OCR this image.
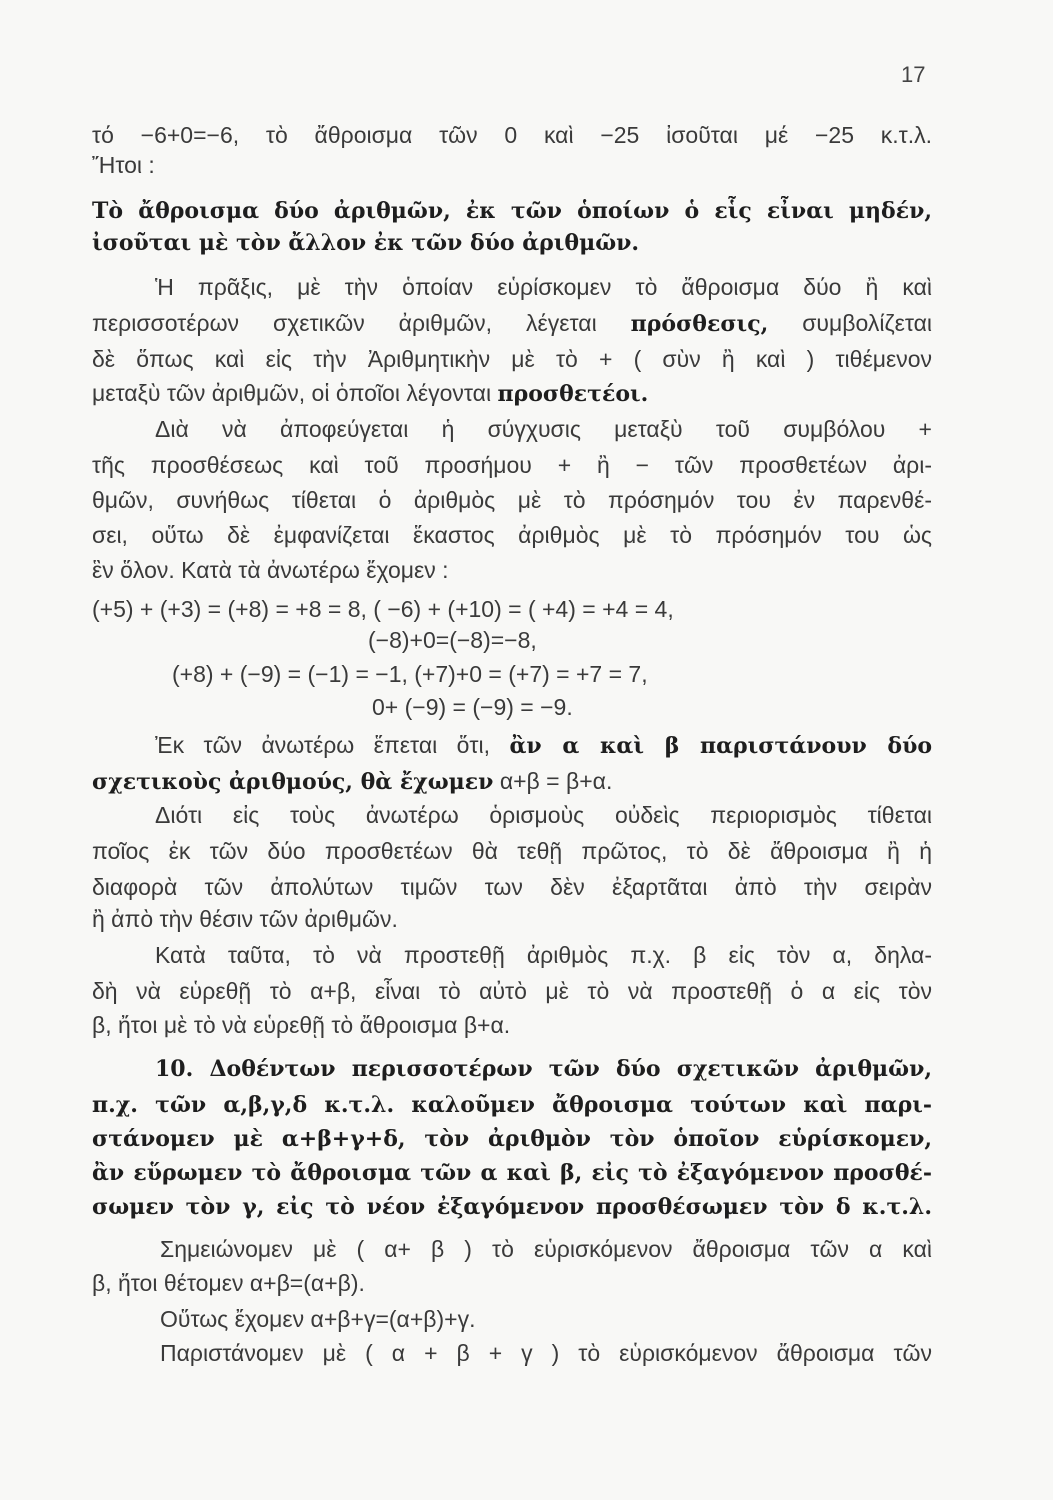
17
τό −6+0=−6, τὸ ἄθροισμα τῶν 0 καὶ −25 ἰσοῦται μέ −25 κ.τ.λ.
Ἤτοι :
Τὸ ἄθροισμα δύο ἀριθμῶν, ἐκ τῶν ὁποίων ὁ εἷς εἶναι μηδέν,
ἰσοῦται μὲ τὸν ἄλλον ἐκ τῶν δύο ἀριθμῶν.
Ἡ πρᾶξις, μὲ τὴν ὁποίαν εὑρίσκομεν τὸ ἄθροισμα δύο ἢ καὶ
περισσοτέρων σχετικῶν ἀριθμῶν, λέγεται πρόσθεσις, συμβολίζεται
δὲ ὅπως καὶ εἰς τὴν Ἀριθμητικὴν μὲ τὸ + ( σὺν ἢ καὶ ) τιθέμενον
μεταξὺ τῶν ἀριθμῶν, οἱ ὁποῖοι λέγονται προσθετέοι.
Διὰ νὰ ἀποφεύγεται ἡ σύγχυσις μεταξὺ τοῦ συμβόλου +
τῆς προσθέσεως καὶ τοῦ προσήμου + ἢ − τῶν προσθετέων ἀρι-
θμῶν, συνήθως τίθεται ὁ ἀριθμὸς μὲ τὸ πρόσημόν του ἐν παρενθέ-
σει, οὕτω δὲ ἐμφανίζεται ἕκαστος ἀριθμὸς μὲ τὸ πρόσημόν του ὡς
ἓν ὅλον. Κατὰ τὰ ἀνωτέρω ἔχομεν :
(+5) + (+3) = (+8) = +8 = 8, ( −6) + (+10) = ( +4) = +4 = 4,
(−8)+0=(−8)=−8,
(+8) + (−9) = (−1) = −1, (+7)+0 = (+7) = +7 = 7,
0+ (−9) = (−9) = −9.
Ἐκ τῶν ἀνωτέρω ἕπεται ὅτι, ἂν α καὶ β παριστάνουν δύο
σχετικοὺς ἀριθμούς, θὰ ἔχωμεν α+β = β+α.
Διότι εἰς τοὺς ἀνωτέρω ὁρισμοὺς οὐδεὶς περιορισμὸς τίθεται
ποῖος ἐκ τῶν δύο προσθετέων θὰ τεθῇ πρῶτος, τὸ δὲ ἄθροισμα ἢ ἡ
διαφορὰ τῶν ἀπολύτων τιμῶν των δὲν ἐξαρτᾶται ἀπὸ τὴν σειρὰν
ἢ ἀπὸ τὴν θέσιν τῶν ἀριθμῶν.
Κατὰ ταῦτα, τὸ νὰ προστεθῇ ἀριθμὸς π.χ. β εἰς τὸν α, δηλα-
δὴ νὰ εὑρεθῇ τὸ α+β, εἶναι τὸ αὐτὸ μὲ τὸ νὰ προστεθῇ ὁ α εἰς τὸν
β, ἤτοι μὲ τὸ νὰ εὑρεθῇ τὸ ἄθροισμα β+α.
10. Δοθέντων περισσοτέρων τῶν δύο σχετικῶν ἀριθμῶν,
π.χ. τῶν α,β,γ,δ κ.τ.λ. καλοῦμεν ἄθροισμα τούτων καὶ παρι-
στάνομεν μὲ α+β+γ+δ, τὸν ἀριθμὸν τὸν ὁποῖον εὑρίσκομεν,
ἂν εὕρωμεν τὸ ἄθροισμα τῶν α καὶ β, εἰς τὸ ἐξαγόμενον προσθέ-
σωμεν τὸν γ, εἰς τὸ νέον ἐξαγόμενον προσθέσωμεν τὸν δ κ.τ.λ.
Σημειώνομεν μὲ ( α+ β ) τὸ εὑρισκόμενον ἄθροισμα τῶν α καὶ
β, ἤτοι θέτομεν α+β=(α+β).
Οὕτως ἔχομεν α+β+γ=(α+β)+γ.
Παριστάνομεν μὲ ( α + β + γ ) τὸ εὑρισκόμενον ἄθροισμα τῶν
